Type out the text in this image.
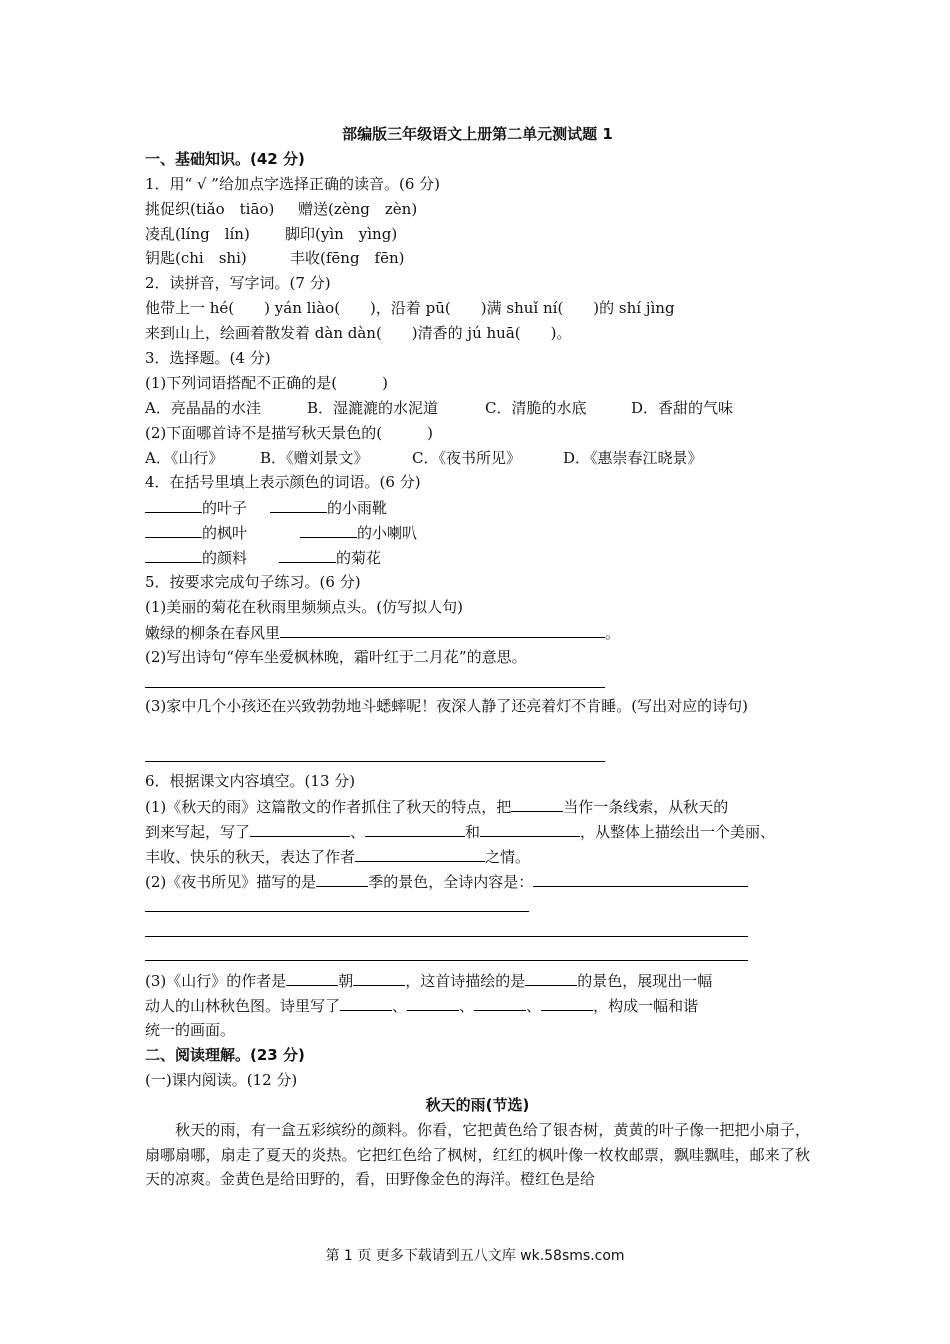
部编版三年级语文上册第二单元测试题 1
一、基础知识。(42 分)
1．用“ √ ”给加点字选择正确的读音。(6 分)
挑促织(tiǎo　tiāo) 赠送(zèng　zèn)
凌乱(líng　lín) 脚印(yìn　yìng)
钥匙(chi　shi)	丰收(fēng　fēn)
2．读拼音，写字词。(7 分)
他带上一 hé(　　) yán liào(　　)，沿着 pū(　　)满 shuǐ ní(　　)的 shí jìng
来到山上，绘画着散发着 dàn dàn(　　)清香的 jú huā(　　)。
3．选择题。(4 分)
(1)下列词语搭配不正确的是(　　　)
A．亮晶晶的水洼	B．湿漉漉的水泥道	C．清脆的水底	D．香甜的气味
(2)下面哪首诗不是描写秋天景色的(　　　)
A．《山行》 B．《赠刘景文》	C．《夜书所见》	D．《惠崇春江晓景》
4．在括号里填上表示颜色的词语。(6 分)
的叶子	的小雨靴
的枫叶	的小喇叭
的颜料	的菊花
5．按要求完成句子练习。(6 分)
(1)美丽的菊花在秋雨里频频点头。(仿写拟人句)
嫩绿的柳条在春风里	。
(2)写出诗句“停车坐爱枫林晚，霜叶红于二月花”的意思。
(3)家中几个小孩还在兴致勃勃地斗蟋蟀呢！夜深人静了还亮着灯不肯睡。(写出对应的诗句)
6．根据课文内容填空。(13 分)
(1)《秋天的雨》这篇散文的作者抓住了秋天的特点，把	当作一条线索，从秋天的
到来写起，写了	、	和	，从整体上描绘出一个美丽、
丰收、快乐的秋天，表达了作者	之情。
(2)《夜书所见》描写的是	季的景色，全诗内容是：
(3)《山行》的作者是	朝	，这首诗描绘的是	的景色，展现出一幅
动人的山林秋色图。诗里写了	、	、	、	，构成一幅和谐
统一的画面。
二、阅读理解。(23 分)
(一)课内阅读。(12 分)
秋天的雨(节选)
秋天的雨，有一盒五彩缤纷的颜料。你看，它把黄色给了银杏树，黄黄的叶子像一把把小扇子，扇哪扇哪，扇走了夏天的炎热。它把红色给了枫树，红红的枫叶像一枚枚邮票，飘哇飘哇，邮来了秋天的凉爽。金黄色是给田野的，看，田野像金色的海洋。橙红色是给
第 1 页 更多下载请到五八文库 wk.58sms.com
